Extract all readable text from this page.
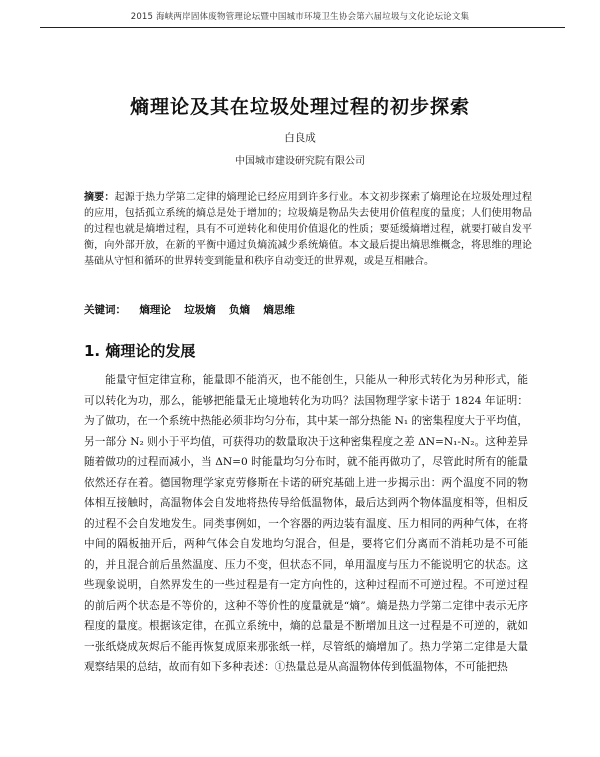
2015 海峡两岸固体废物管理论坛暨中国城市环境卫生协会第六届垃圾与文化论坛论文集
熵理论及其在垃圾处理过程的初步探索
白良成
中国城市建设研究院有限公司
摘要：起源于热力学第二定律的熵理论已经应用到许多行业。本文初步探索了熵理论在垃圾处理过程的应用，包括孤立系统的熵总是处于增加的；垃圾熵是物品失去使用价值程度的量度；人们使用物品的过程也就是熵增过程，具有不可逆转化和使用价值退化的性质；要延缓熵增过程，就要打破自发平衡，向外部开放，在新的平衡中通过负熵流减少系统熵值。本文最后提出熵思维概念，将思维的理论基础从守恒和循环的世界转变到能量和秩序自动变迁的世界观，或是互相融合。
关键词： 熵理论 垃圾熵 负熵 熵思维
1. 熵理论的发展

能量守恒定律宣称，能量即不能消灭，也不能创生，只能从一种形式转化为另种形式，能可以转化为功，那么，能够把能量无止境地转化为功吗？法国物理学家卡诺于 1824 年证明：为了做功，在一个系统中热能必须非均匀分布，其中某一部分热能 N₁ 的密集程度大于平均值，另一部分 N₂ 则小于平均值，可获得功的数量取决于这种密集程度之差 ΔN=N₁-N₂。这种差异随着做功的过程而减小，当 ΔN=0 时能量均匀分布时，就不能再做功了，尽管此时所有的能量依然还存在着。德国物理学家克劳修斯在卡诺的研究基础上进一步揭示出：两个温度不同的物体相互接触时，高温物体会自发地将热传导给低温物体，最后达到两个物体温度相等，但相反的过程不会自发地发生。同类事例如，一个容器的两边装有温度、压力相同的两种气体，在将中间的隔板抽开后，两种气体会自发地均匀混合，但是，要将它们分离而不消耗功是不可能的，并且混合前后虽然温度、压力不变，但状态不同，单用温度与压力不能说明它的状态。这些现象说明，自然界发生的一些过程是有一定方向性的，这种过程而不可逆过程。不可逆过程的前后两个状态是不等价的，这种不等价性的度量就是“熵”。熵是热力学第二定律中表示无序程度的量度。根据该定律，在孤立系统中，熵的总量是不断增加且这一过程是不可逆的，就如一张纸烧成灰烬后不能再恢复成原来那张纸一样，尽管纸的熵增加了。热力学第二定律是大量观察结果的总结，故而有如下多种表述：①热量总是从高温物体传到低温物体，不可能把热
